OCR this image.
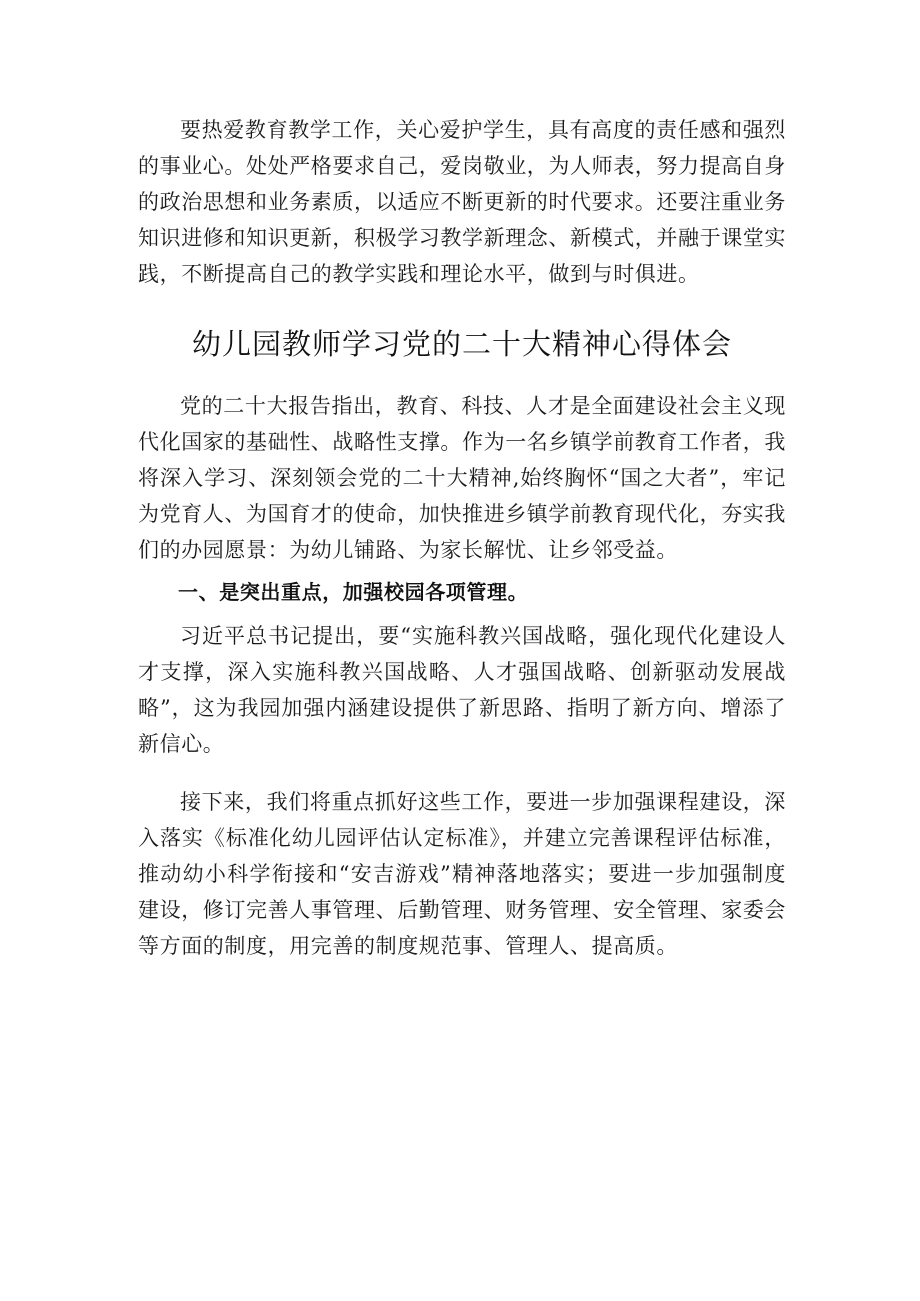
要热爱教育教学工作，关心爱护学生，具有高度的责任感和强烈的事业心。处处严格要求自己，爱岗敬业，为人师表，努力提高自身的政治思想和业务素质，以适应不断更新的时代要求。还要注重业务知识进修和知识更新，积极学习教学新理念、新模式，并融于课堂实践，不断提高自己的教学实践和理论水平，做到与时俱进。

幼儿园教师学习党的二十大精神心得体会

党的二十大报告指出，教育、科技、人才是全面建设社会主义现代化国家的基础性、战略性支撑。作为一名乡镇学前教育工作者，我将深入学习、深刻领会党的二十大精神,始终胸怀“国之大者”，牢记为党育人、为国育才的使命，加快推进乡镇学前教育现代化，夯实我们的办园愿景：为幼儿铺路、为家长解忧、让乡邻受益。

一、是突出重点，加强校园各项管理。

习近平总书记提出，要“实施科教兴国战略，强化现代化建设人才支撑，深入实施科教兴国战略、人才强国战略、创新驱动发展战略”，这为我园加强内涵建设提供了新思路、指明了新方向、增添了新信心。

接下来，我们将重点抓好这些工作，要进一步加强课程建设，深入落实《标准化幼儿园评估认定标准》，并建立完善课程评估标准，推动幼小科学衔接和“安吉游戏”精神落地落实；要进一步加强制度建设，修订完善人事管理、后勤管理、财务管理、安全管理、家委会等方面的制度，用完善的制度规范事、管理人、提高质。
